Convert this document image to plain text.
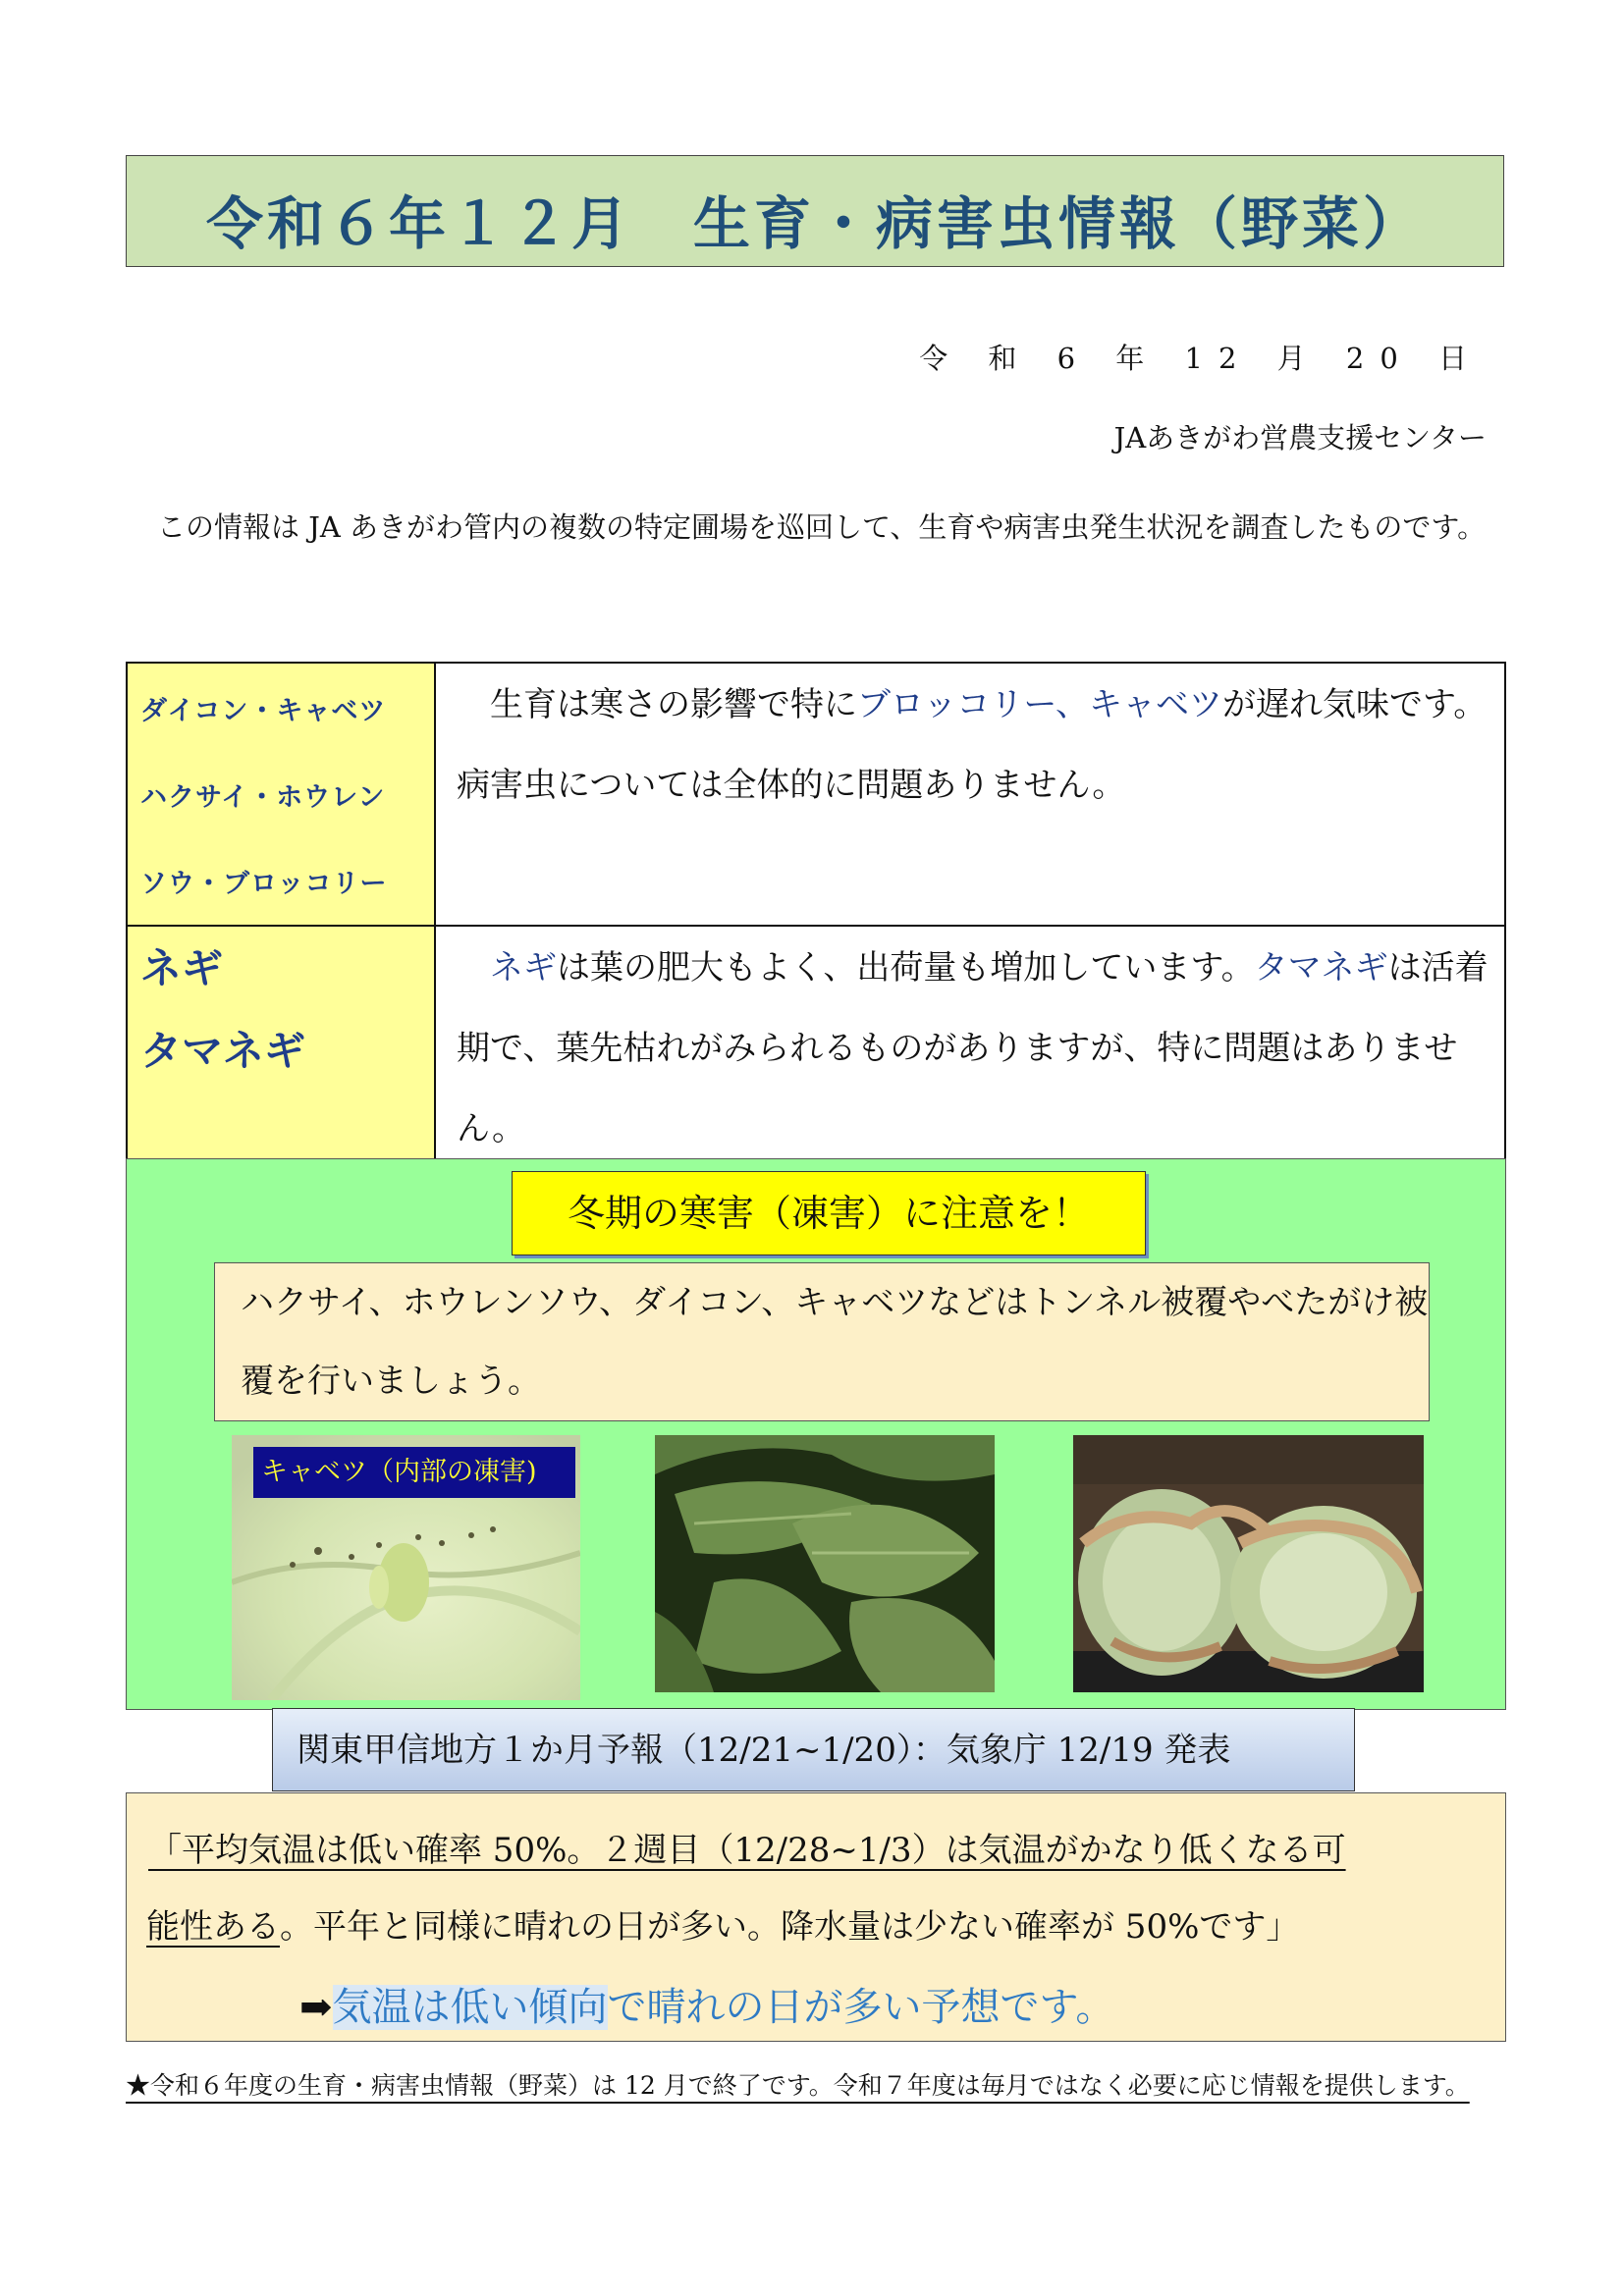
令和６年１２月　生育・病害虫情報（野菜）
令 和 6 年 12 月 20 日
JAあきがわ営農支援センター
この情報は JA あきがわ管内の複数の特定圃場を巡回して、生育や病害虫発生状況を調査したものです。
ダイコン・キャベツ
ハクサイ・ホウレン
ソウ・ブロッコリー	生育は寒さの影響で特にブロッコリー、キャベツが遅れ気味です。病害虫については全体的に問題ありません。

ネギ
タマネギ	ネギは葉の肥大もよく、出荷量も増加しています。タマネギは活着期で、葉先枯れがみられるものがありますが、特に問題はありません。
冬期の寒害（凍害）に注意を！
ハクサイ、ホウレンソウ、ダイコン、キャベツなどはトンネル被覆やべたがけ被覆を行いましょう。
キャベツ（内部の凍害)
「平均気温は低い確率 50%。２週目（12/28~1/3）は気温がかなり低くなる可
能性ある。平年と同様に晴れの日が多い。降水量は少ない確率が 50%です」
➡気温は低い傾向で晴れの日が多い予想です。
関東甲信地方１か月予報（12/21~1/20）：気象庁 12/19 発表
★令和６年度の生育・病害虫情報（野菜）は 12 月で終了です。令和７年度は毎月ではなく必要に応じ情報を提供します。
